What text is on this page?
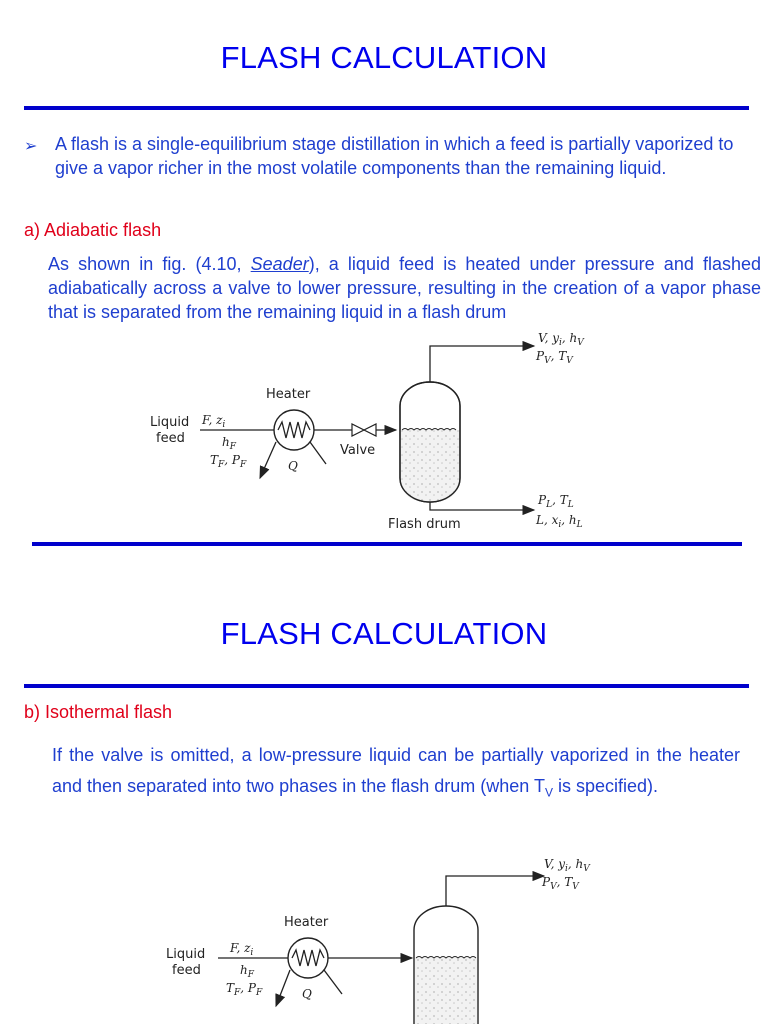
FLASH CALCULATION
➢ A flash is a single-equilibrium stage distillation in which a feed is partially vaporized to give a vapor richer in the most volatile components than the remaining liquid.
a) Adiabatic flash
As shown in fig. (4.10, Seader), a liquid feed is heated under pressure and flashed adiabatically across a valve to lower pressure, resulting in the creation of a vapor phase that is separated from the remaining liquid in a flash drum
Liquid
feed
F, $z_i$
$h_F$
$T_F$, $P_F$
Heater
Q
Valve
V, $y_i$, $h_V$
$P_V$, $T_V$
$P_L$, $T_L$
L, $x_i$, $h_L$
Flash drum
FLASH CALCULATION
b) Isothermal flash
If the valve is omitted, a low-pressure liquid can be partially vaporized in the heater and then separated into two phases in the flash drum (when $T_V$ is specified).
Liquid
feed
F, $z_i$
$h_F$
$T_F$, $P_F$
Heater
Q
V, $y_i$, $h_V$
$P_V$, $T_V$
